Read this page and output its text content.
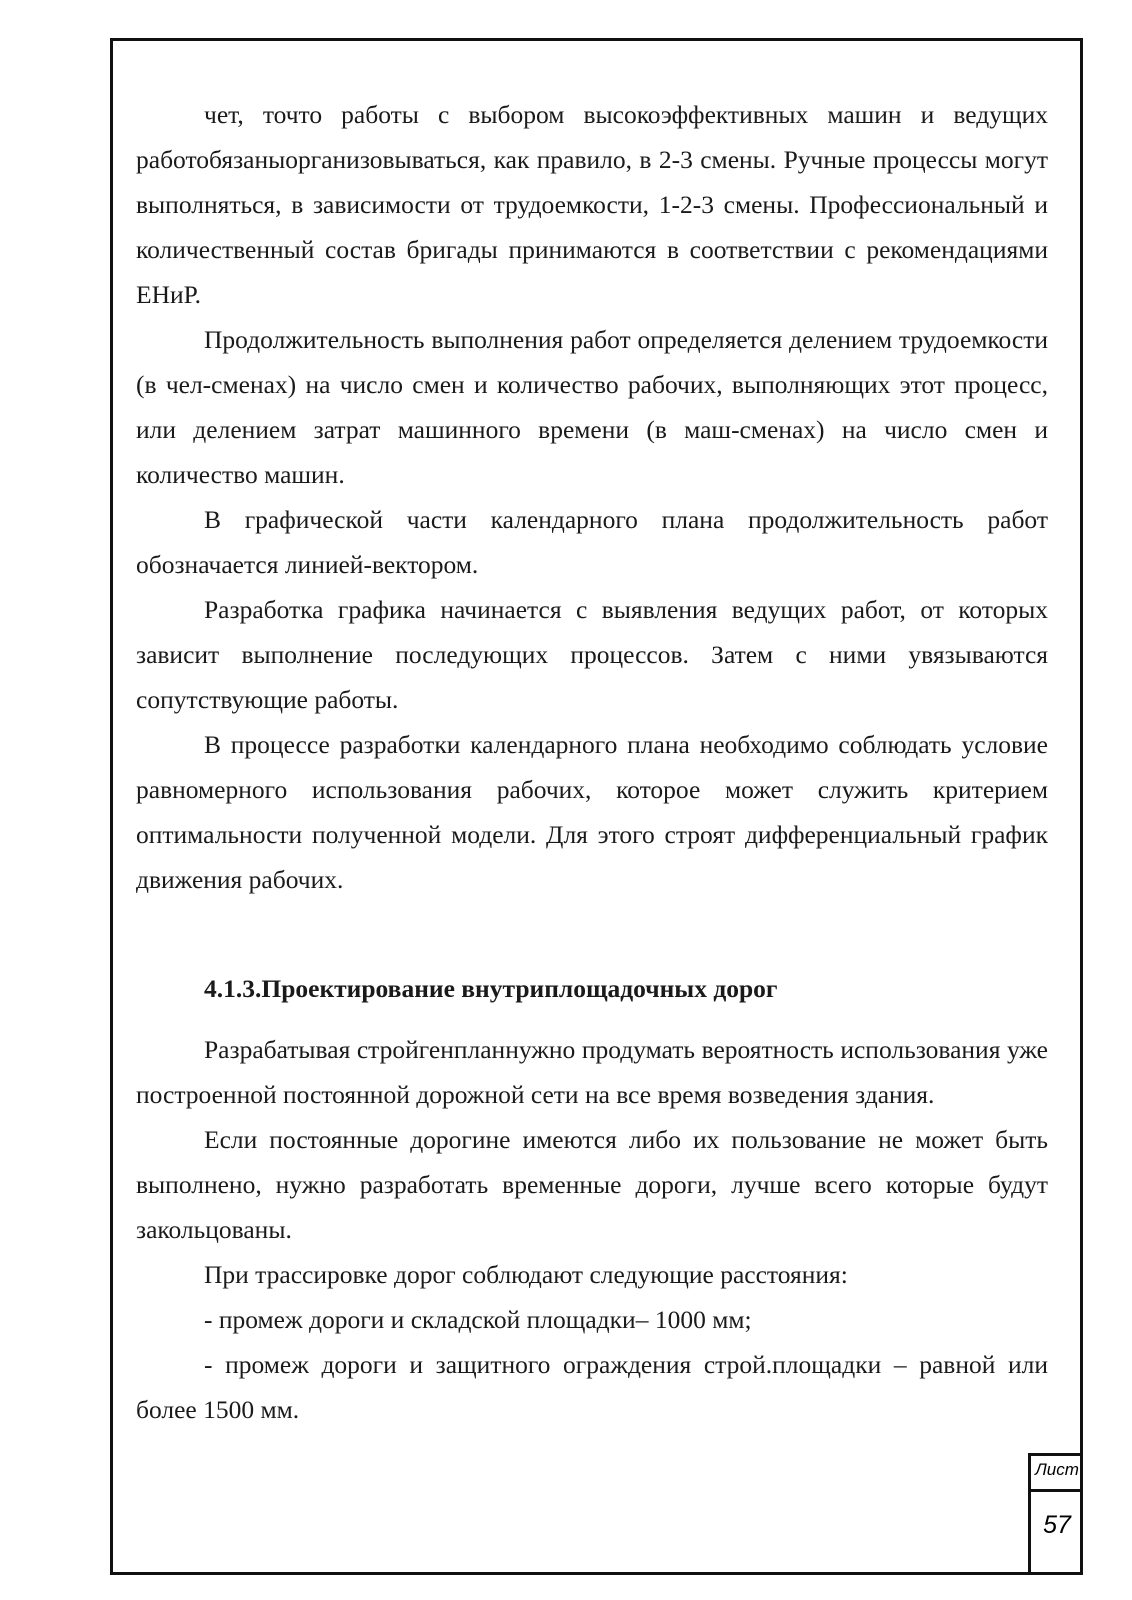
чет, точто работы с выбором высокоэффективных машин и ведущих работобязаныорганизовываться, как правило, в 2-3 смены. Ручные процессы могут выполняться, в зависимости от трудоемкости, 1-2-3 смены. Профессиональный и количественный состав бригады принимаются в соответствии с рекомендациями ЕНиР.

Продолжительность выполнения работ определяется делением трудоемкости (в чел-сменах) на число смен и количество рабочих, выполняющих этот процесс, или делением затрат машинного времени (в маш-сменах) на число смен и количество машин.

В графической части календарного плана продолжительность работ обозначается линией-вектором.

Разработка графика начинается с выявления ведущих работ, от которых зависит выполнение последующих процессов. Затем с ними увязываются сопутствующие работы.

В процессе разработки календарного плана необходимо соблюдать условие равномерного использования рабочих, которое может служить критерием оптимальности полученной модели. Для этого строят дифференциальный график движения рабочих.

4.1.3.Проектирование внутриплощадочных дорог

Разрабатывая стройгенпланнужно продумать вероятность использования уже построенной постоянной дорожной сети на все время возведения здания.

Если постоянные дорогине имеются либо их пользование не может быть выполнено, нужно разработать временные дороги, лучше всего которые будут закольцованы.

При трассировке дорог соблюдают следующие расстояния:

- промеж дороги и складской площадки– 1000 мм;

- промеж дороги и защитного ограждения строй.площадки – равной или более 1500 мм.

Лист
57
